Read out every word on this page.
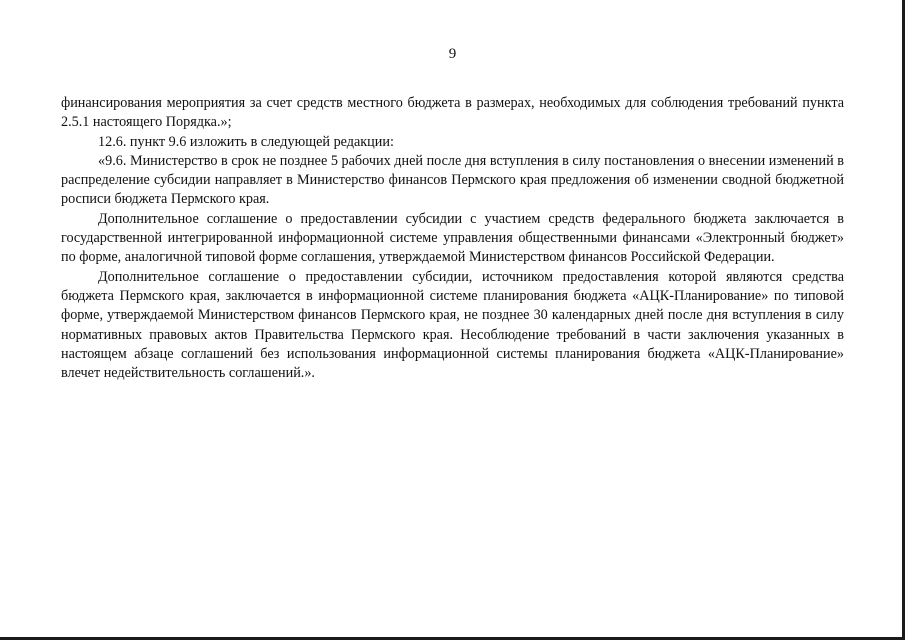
9

финансирования мероприятия за счет средств местного бюджета в размерах, необходимых для соблюдения требований пункта 2.5.1 настоящего Порядка.»;

12.6. пункт 9.6 изложить в следующей редакции:

«9.6. Министерство в срок не позднее 5 рабочих дней после дня вступления в силу постановления о внесении изменений в распределение субсидии направляет в Министерство финансов Пермского края предложения об изменении сводной бюджетной росписи бюджета Пермского края.

Дополнительное соглашение о предоставлении субсидии с участием средств федерального бюджета заключается в государственной интегрированной информационной системе управления общественными финансами «Электронный бюджет» по форме, аналогичной типовой форме соглашения, утверждаемой Министерством финансов Российской Федерации.

Дополнительное соглашение о предоставлении субсидии, источником предоставления которой являются средства бюджета Пермского края, заключается в информационной системе планирования бюджета «АЦК-Планирование» по типовой форме, утверждаемой Министерством финансов Пермского края, не позднее 30 календарных дней после дня вступления в силу нормативных правовых актов Правительства Пермского края. Несоблюдение требований в части заключения указанных в настоящем абзаце соглашений без использования информационной системы планирования бюджета «АЦК-Планирование» влечет недействительность соглашений.».
